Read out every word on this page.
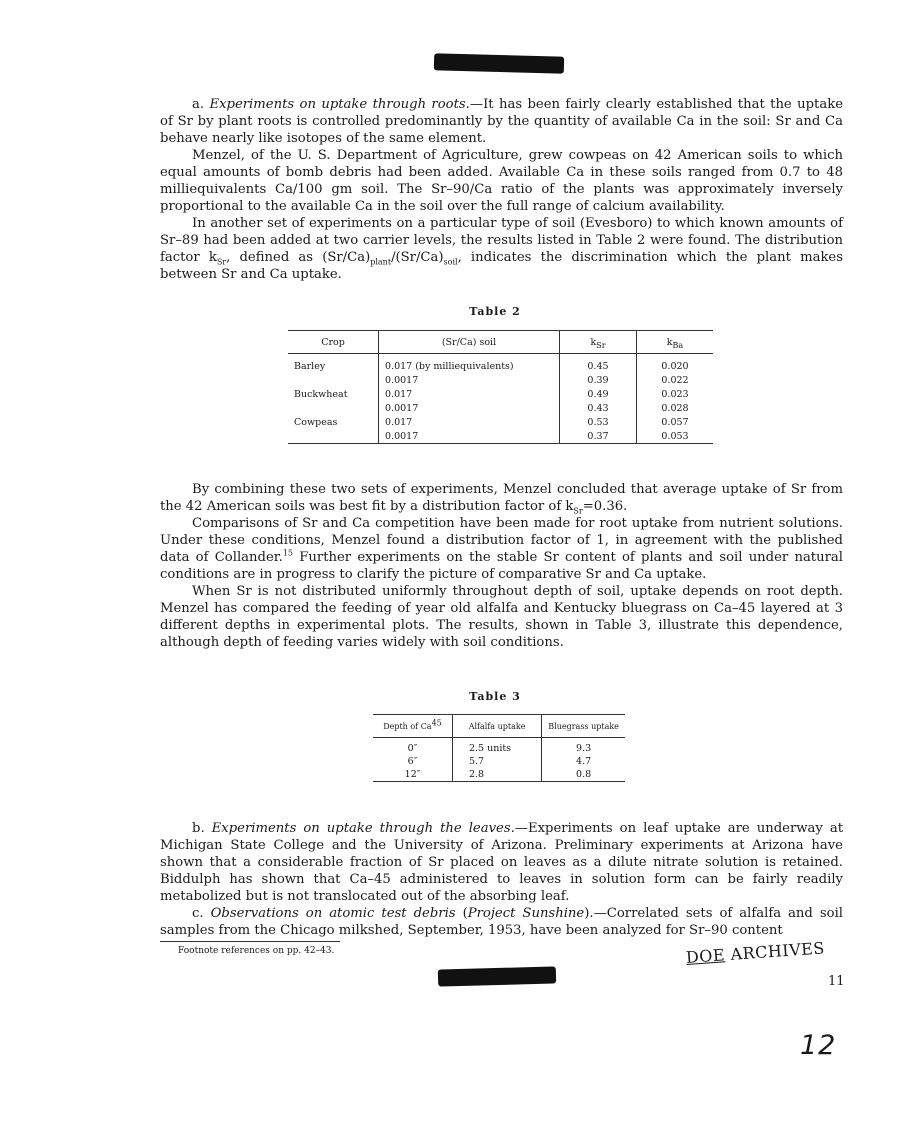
a. Experiments on uptake through roots.—It has been fairly clearly established that the uptake of Sr by plant roots is controlled predominantly by the quantity of available Ca in the soil: Sr and Ca behave nearly like isotopes of the same element.

Menzel, of the U. S. Department of Agriculture, grew cowpeas on 42 American soils to which equal amounts of bomb debris had been added. Available Ca in these soils ranged from 0.7 to 48 milliequivalents Ca/100 gm soil. The Sr–90/Ca ratio of the plants was approximately inversely proportional to the available Ca in the soil over the full range of calcium availability.

In another set of experiments on a particular type of soil (Evesboro) to which known amounts of Sr–89 had been added at two carrier levels, the results listed in Table 2 were found. The distribution factor $k_{Sr}$, defined as $(Sr/Ca)_{plant}/(Sr/Ca)_{soil}$, indicates the discrimination which the plant makes between Sr and Ca uptake.

Table 2
Crop	(Sr/Ca) soil	$k_{Sr}$	$k_{Ba}$
Barley	0.017 (by milliequivalents)	0.45	0.020
	0.0017	0.39	0.022
Buckwheat	0.017	0.49	0.023
	0.0017	0.43	0.028
Cowpeas	0.017	0.53	0.057
	0.0017	0.37	0.053

By combining these two sets of experiments, Menzel concluded that average uptake of Sr from the 42 American soils was best fit by a distribution factor of $k_{Sr}=0.36$.

Comparisons of Sr and Ca competition have been made for root uptake from nutrient solutions. Under these conditions, Menzel found a distribution factor of 1, in agreement with the published data of Collander.$^{15}$ Further experiments on the stable Sr content of plants and soil under natural conditions are in progress to clarify the picture of comparative Sr and Ca uptake.

When Sr is not distributed uniformly throughout depth of soil, uptake depends on root depth. Menzel has compared the feeding of year old alfalfa and Kentucky bluegrass on Ca–45 layered at 3 different depths in experimental plots. The results, shown in Table 3, illustrate this dependence, although depth of feeding varies widely with soil conditions.

Table 3
Depth of Ca$^{45}$	Alfalfa uptake	Bluegrass uptake
0″	2.5 units	9.3
6″	5.7	4.7
12″	2.8	0.8

b. Experiments on uptake through the leaves.—Experiments on leaf uptake are underway at Michigan State College and the University of Arizona. Preliminary experiments at Arizona have shown that a considerable fraction of Sr placed on leaves as a dilute nitrate solution is retained. Biddulph has shown that Ca–45 administered to leaves in solution form can be fairly readily metabolized but is not translocated out of the absorbing leaf.

c. Observations on atomic test debris (Project Sunshine).—Correlated sets of alfalfa and soil samples from the Chicago milkshed, September, 1953, have been analyzed for Sr–90 content

Footnote references on pp. 42–43.	DOE ARCHIVES
11
12
